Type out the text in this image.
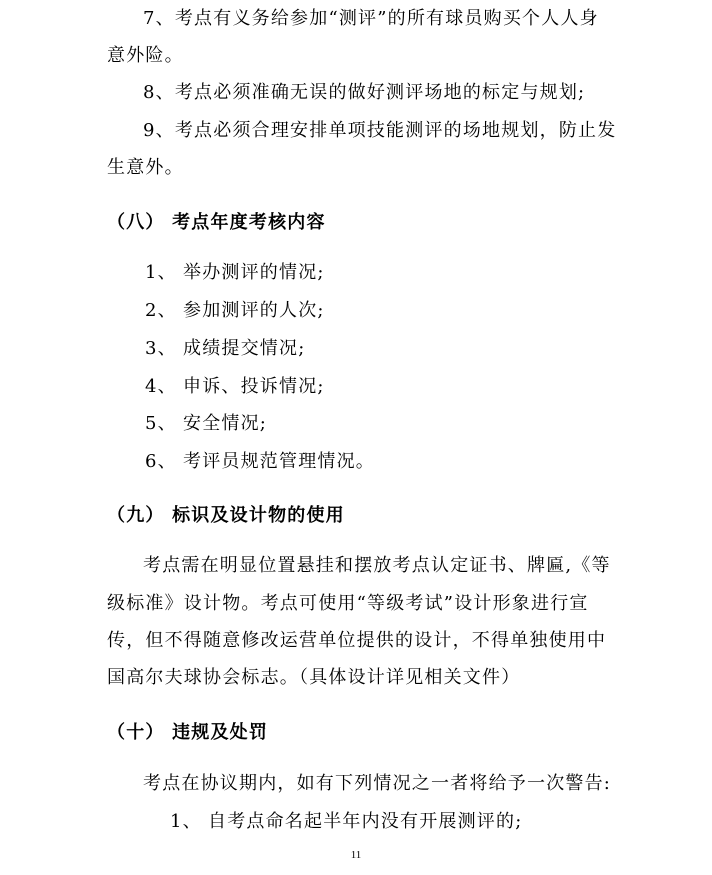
7、考点有义务给参加“测评”的所有球员购买个人人身
意外险。
8、考点必须准确无误的做好测评场地的标定与规划;
9、考点必须合理安排单项技能测评的场地规划，防止发
生意外。
（八） 考点年度考核内容
1、 举办测评的情况;
2、 参加测评的人次;
3、 成绩提交情况;
4、 申诉、投诉情况;
5、 安全情况;
6、 考评员规范管理情况。
（九） 标识及设计物的使用
考点需在明显位置悬挂和摆放考点认定证书、牌匾,《等
级标准》设计物。考点可使用“等级考试”设计形象进行宣
传，但不得随意修改运营单位提供的设计，不得单独使用中
国高尔夫球协会标志。（具体设计详见相关文件）
（十） 违规及处罚
考点在协议期内，如有下列情况之一者将给予一次警告:
1、 自考点命名起半年内没有开展测评的;
11
